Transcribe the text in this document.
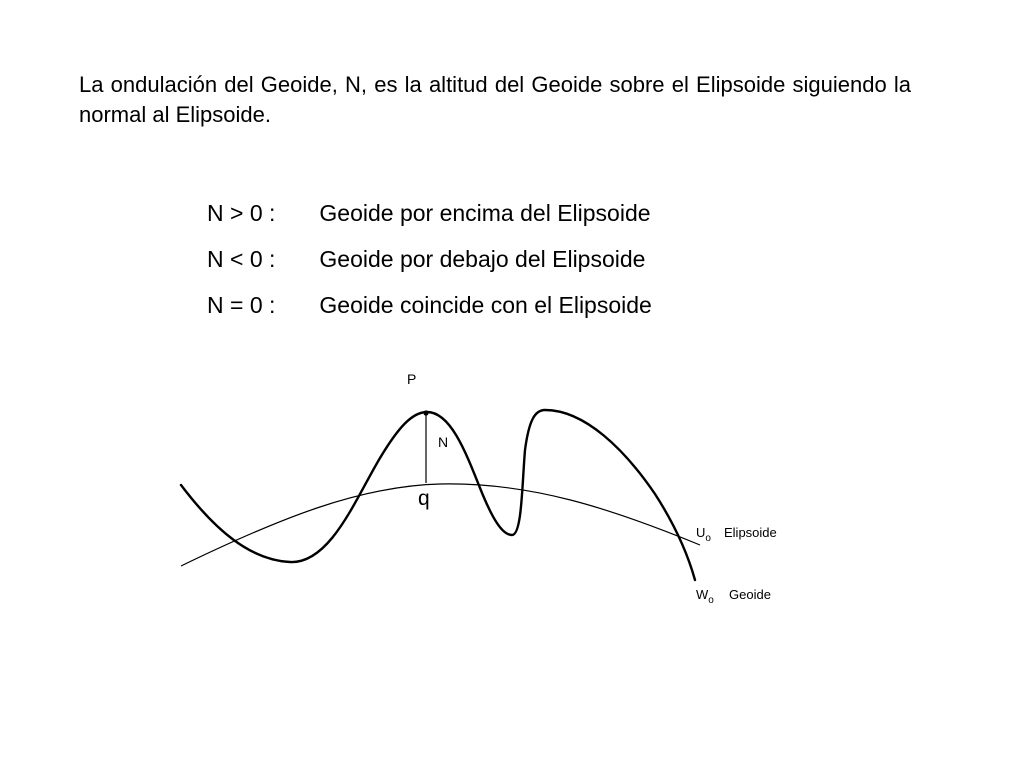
La ondulación del Geoide, N, es la altitud del Geoide sobre el Elipsoide siguiendo la normal al Elipsoide.

N > 0 : Geoide por encima del Elipsoide
N < 0 : Geoide por debajo del Elipsoide
N = 0 : Geoide coincide con el Elipsoide
P
N
q
$U_o$ Elipsoide
$W_o$ Geoide
